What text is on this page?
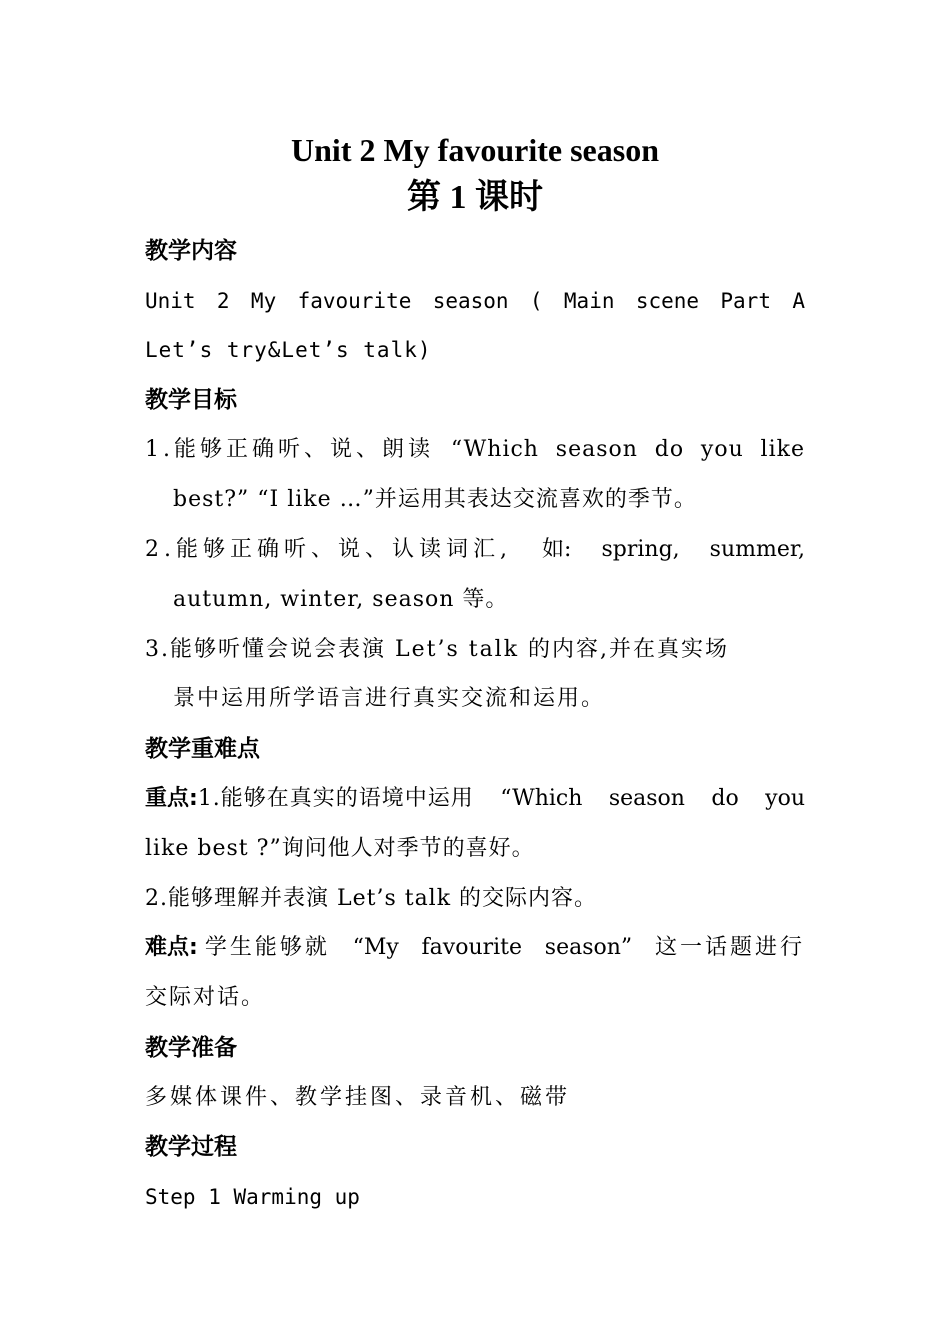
Unit 2 My favourite season
第 1 课时
教学内容
Unit 2 My favourite season ( Main scene Part A
Let’s try&Let’s talk)
教学目标
1.能够正确听、说、朗读 “Which season do you like
best?” “I like …”并运用其表达交流喜欢的季节。
2.能够正确听、说、认读词汇, 如: spring, summer,
autumn, winter, season 等。
3.能够听懂会说会表演 Let’s talk 的内容,并在真实场
景中运用所学语言进行真实交流和运用。
教学重难点
重点:1.能够在真实的语境中运用 “Which season do you
like best ?”询问他人对季节的喜好。
2.能够理解并表演 Let’s talk 的交际内容。
难点: 学生能够就 “My favourite season” 这一话题进行
交际对话。
教学准备
多媒体课件、教学挂图、录音机、磁带
教学过程
Step 1 Warming up
